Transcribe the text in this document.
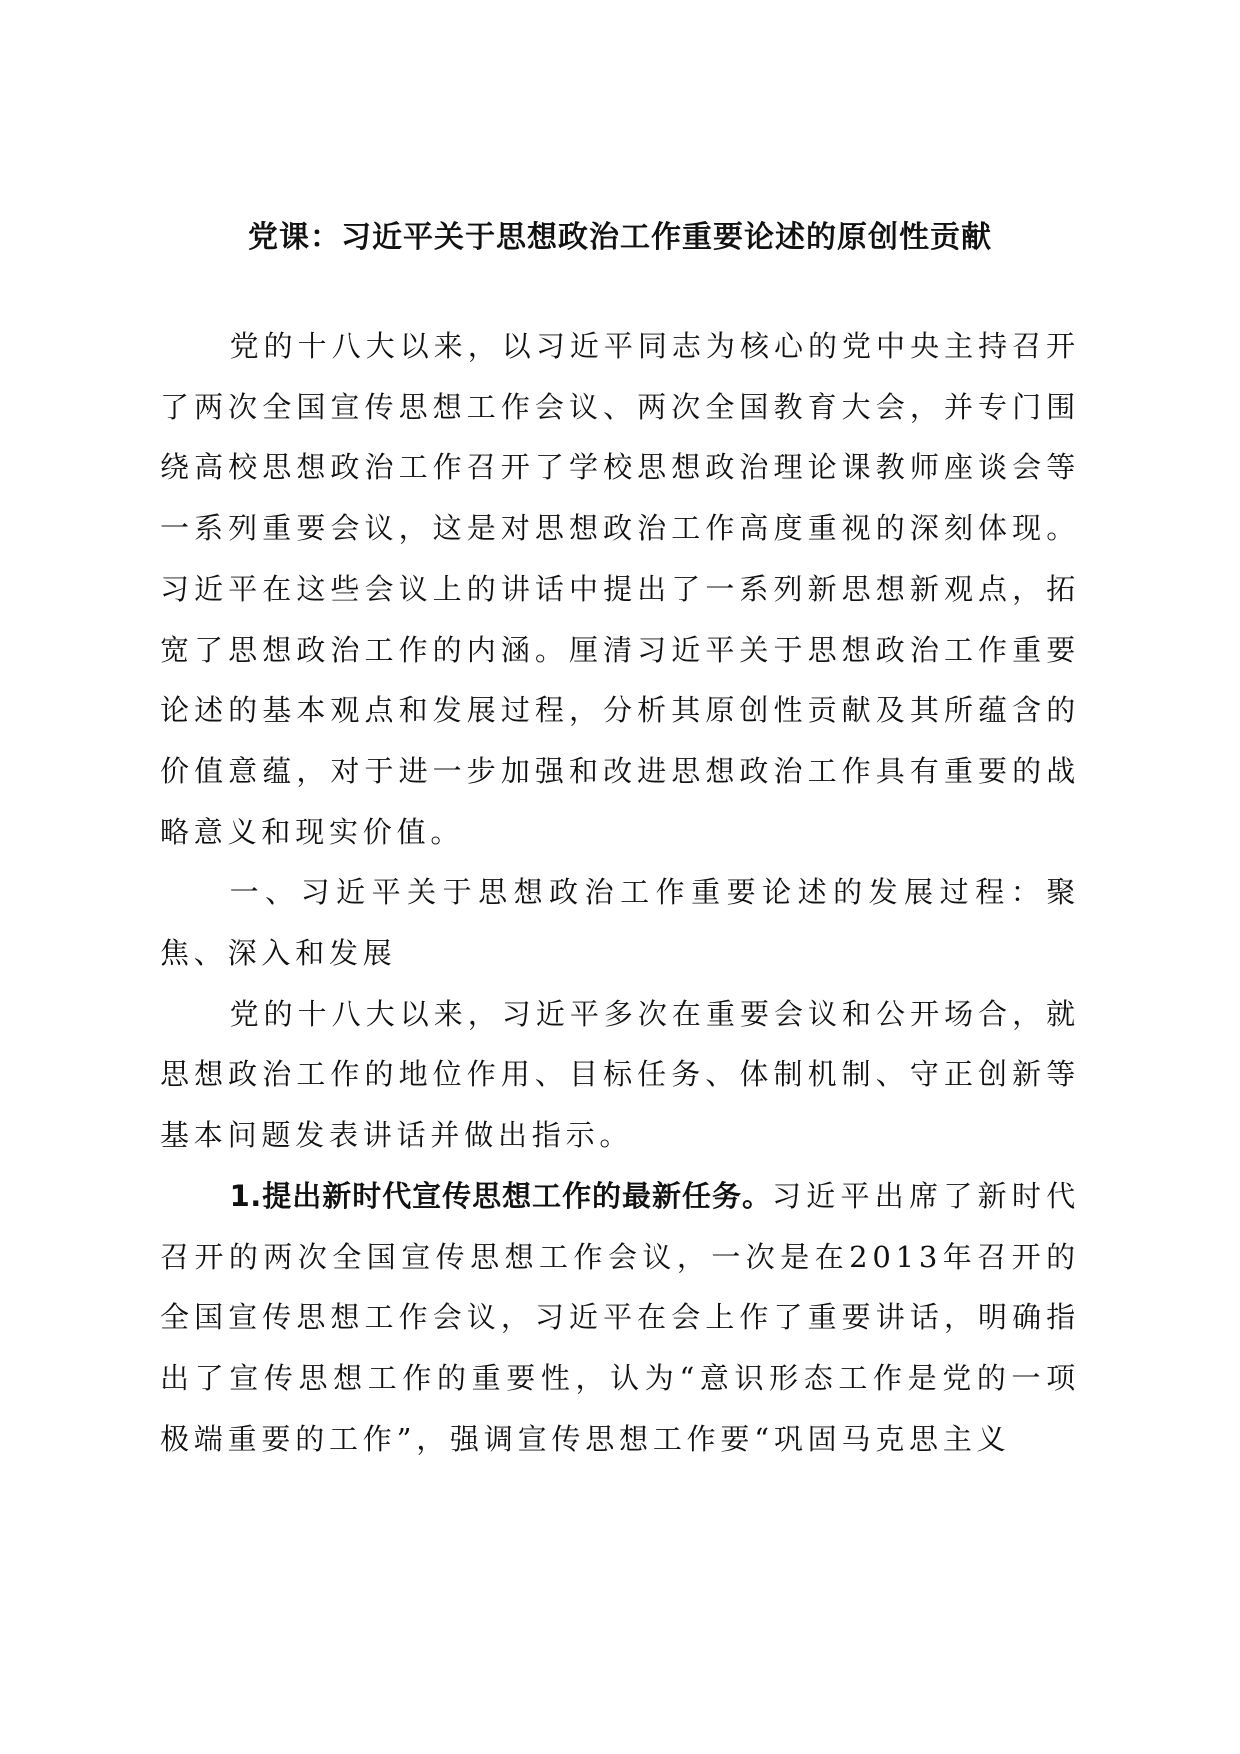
党课：习近平关于思想政治工作重要论述的原创性贡献

党的十八大以来，以习近平同志为核心的党中央主持召开了两次全国宣传思想工作会议、两次全国教育大会，并专门围绕高校思想政治工作召开了学校思想政治理论课教师座谈会等一系列重要会议，这是对思想政治工作高度重视的深刻体现。习近平在这些会议上的讲话中提出了一系列新思想新观点，拓宽了思想政治工作的内涵。厘清习近平关于思想政治工作重要论述的基本观点和发展过程，分析其原创性贡献及其所蕴含的价值意蕴，对于进一步加强和改进思想政治工作具有重要的战略意义和现实价值。

一、习近平关于思想政治工作重要论述的发展过程：聚焦、深入和发展

党的十八大以来，习近平多次在重要会议和公开场合，就思想政治工作的地位作用、目标任务、体制机制、守正创新等基本问题发表讲话并做出指示。

1.提出新时代宣传思想工作的最新任务。习近平出席了新时代召开的两次全国宣传思想工作会议，一次是在2013年召开的全国宣传思想工作会议，习近平在会上作了重要讲话，明确指出了宣传思想工作的重要性，认为“意识形态工作是党的一项极端重要的工作”，强调宣传思想工作要“巩固马克思主义
